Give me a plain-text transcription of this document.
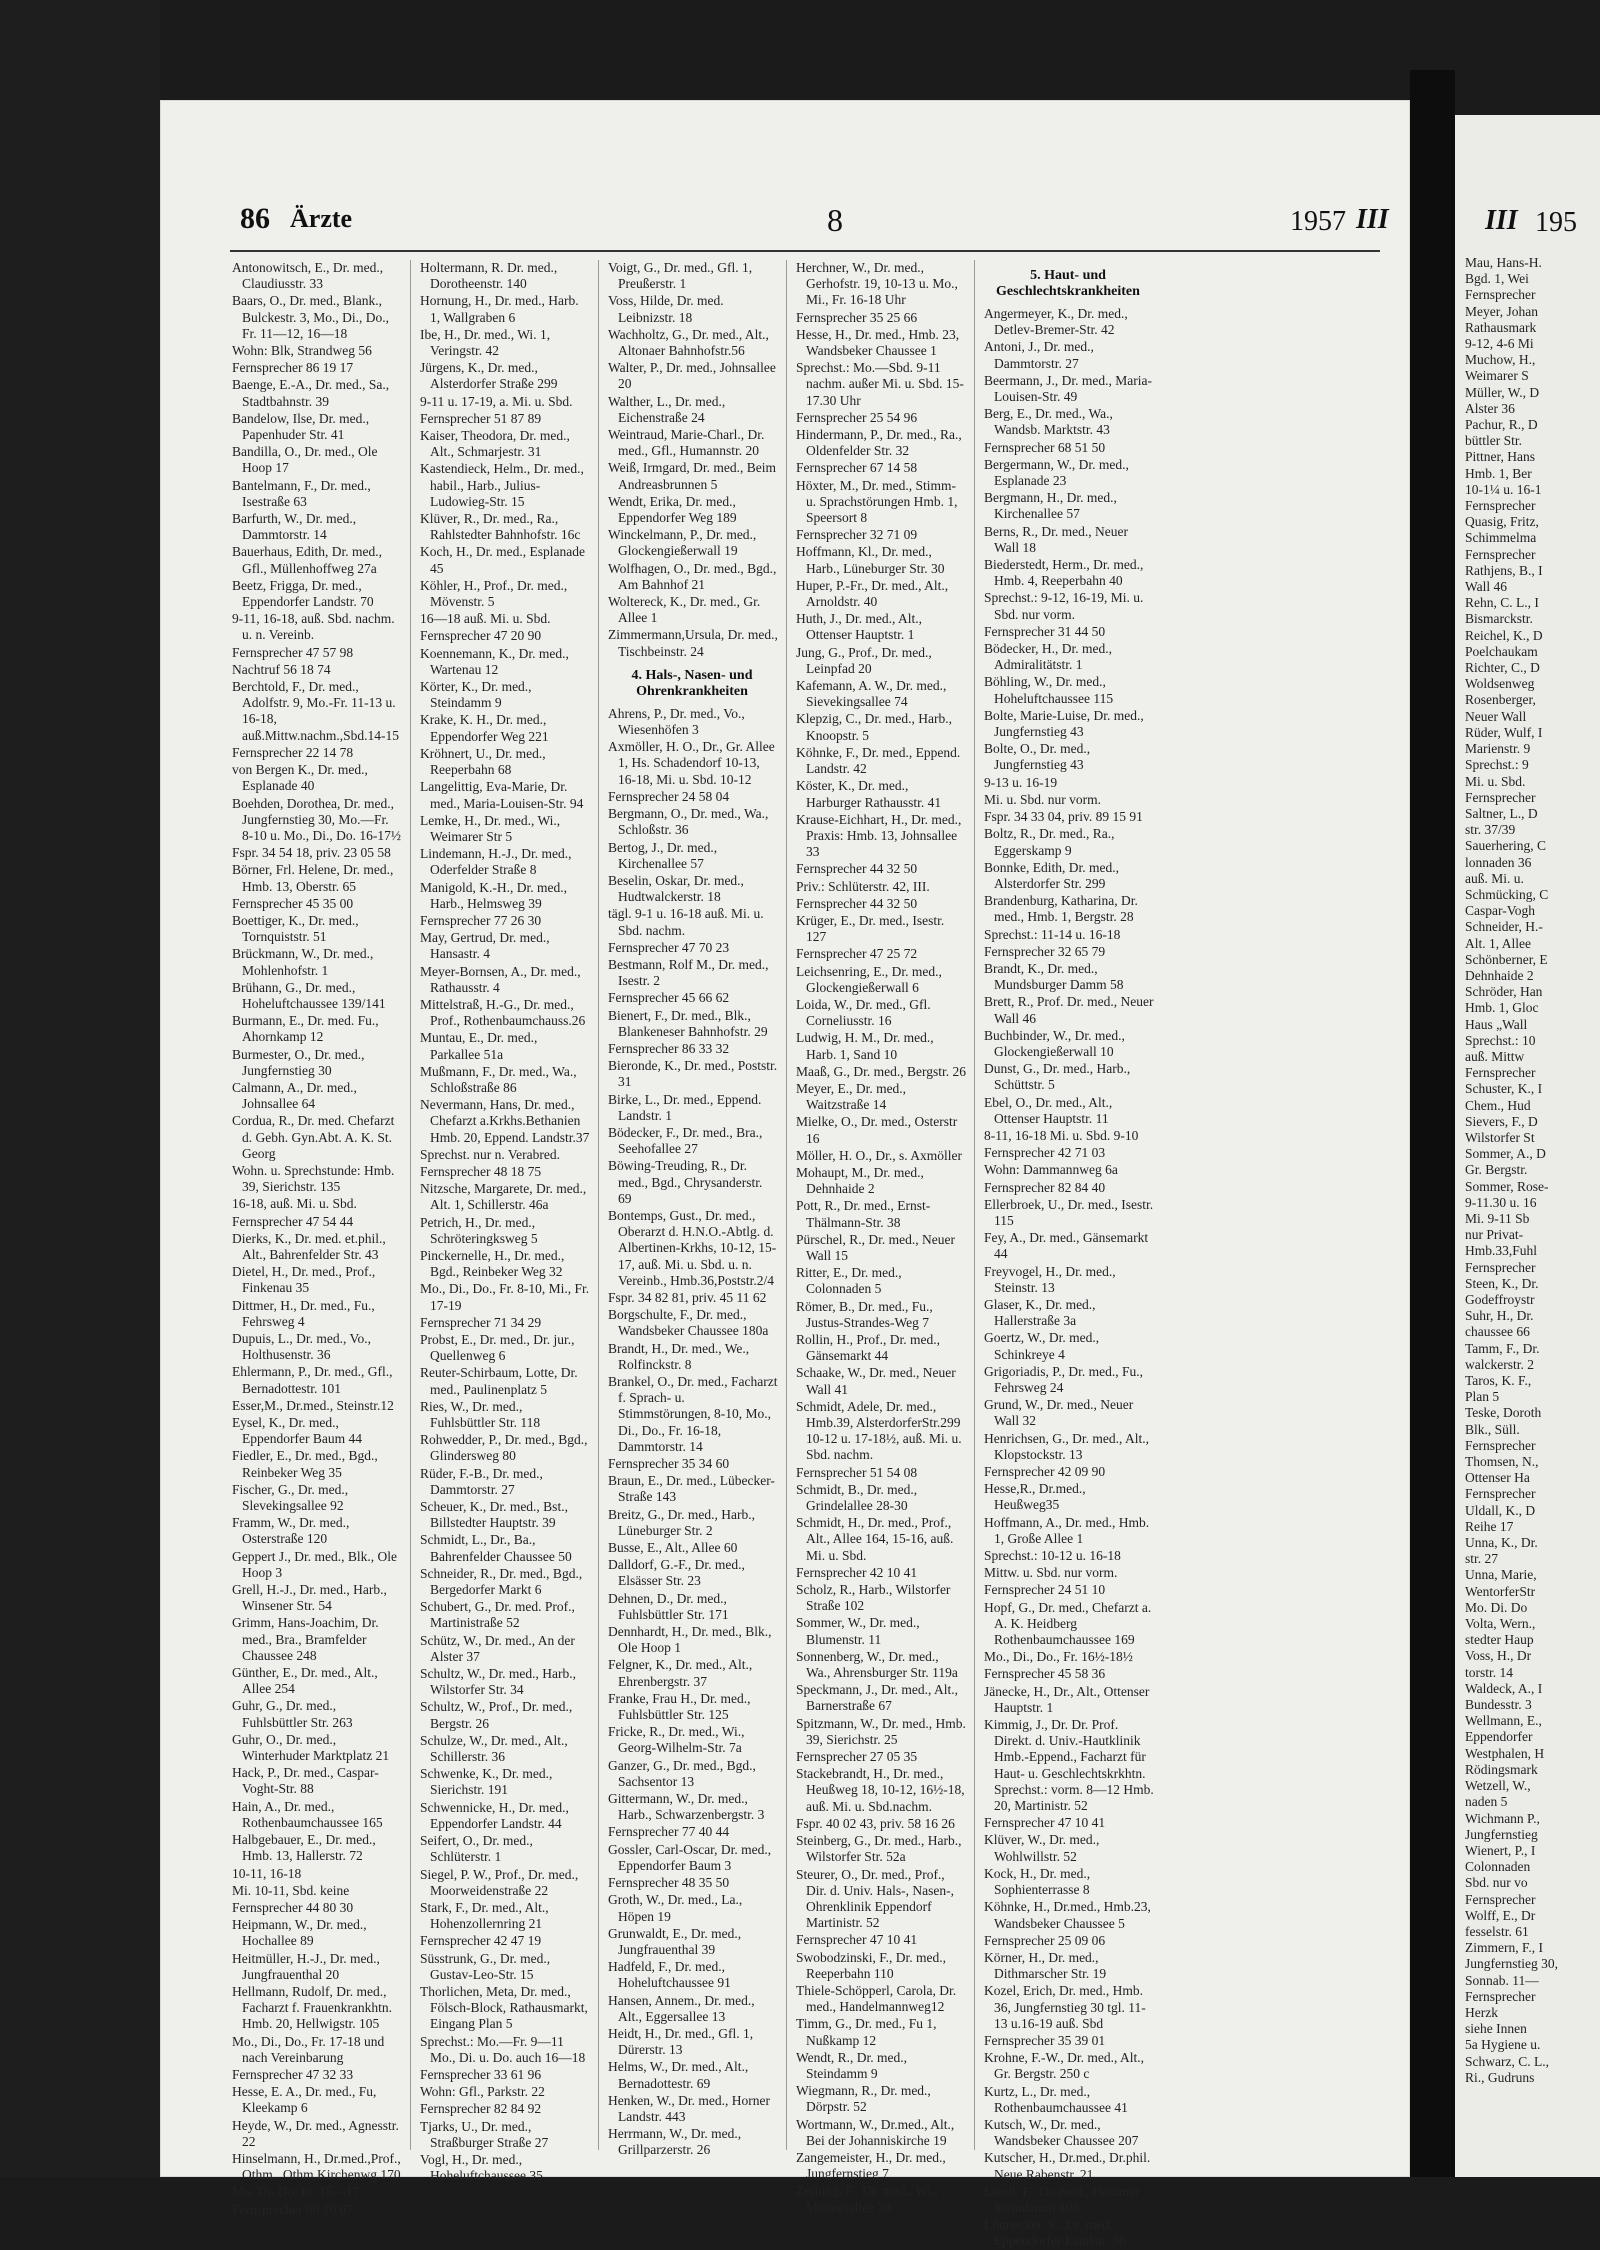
86 Ärzte	8	1957 III
Antonowitsch, E., Dr. med., Claudiusstr. 33
Baars, O., Dr. med., Blank., Bulckestr. 3, Mo., Di., Do., Fr. 11—12, 16—18
Wohn: Blk, Strandweg 56
Fernsprecher 86 19 17
Baenge, E.-A., Dr. med., Sa., Stadtbahnstr. 39
Bandelow, Ilse, Dr. med., Papenhuder Str. 41
Bandilla, O., Dr. med., Ole Hoop 17
Bantelmann, F., Dr. med., Isestraße 63
Barfurth, W., Dr. med., Dammtorstr. 14
Bauerhaus, Edith, Dr. med., Gfl., Müllenhoffweg 27a
Beetz, Frigga, Dr. med., Eppendorfer Landstr. 70
9-11, 16-18, auß. Sbd. nachm. u. n. Vereinb.
Fernsprecher 47 57 98
Nachtruf 56 18 74
Berchtold, F., Dr. med., Adolfstr. 9, Mo.-Fr. 11-13 u. 16-18, auß.Mittw.nachm.,Sbd.14-15
Fernsprecher 22 14 78
von Bergen K., Dr. med., Esplanade 40
Boehden, Dorothea, Dr. med., Jungfernstieg 30, Mo.—Fr. 8-10 u. Mo., Di., Do. 16-17½
Fspr. 34 54 18, priv. 23 05 58
Börner, Frl. Helene, Dr. med., Hmb. 13, Oberstr. 65
Fernsprecher 45 35 00
Boettiger, K., Dr. med., Tornquiststr. 51
Brückmann, W., Dr. med., Mohlenhofstr. 1
Brühann, G., Dr. med., Hoheluftchaussee 139/141
Burmann, E., Dr. med. Fu., Ahornkamp 12
Burmester, O., Dr. med., Jungfernstieg 30
Calmann, A., Dr. med., Johnsallee 64
Cordua, R., Dr. med. Chefarzt d. Gebh. Gyn.Abt. A. K. St. Georg
Wohn. u. Sprechstunde: Hmb. 39, Sierichstr. 135
16-18, auß. Mi. u. Sbd.
Fernsprecher 47 54 44
Dierks, K., Dr. med. et.phil., Alt., Bahrenfelder Str. 43
Dietel, H., Dr. med., Prof., Finkenau 35
Dittmer, H., Dr. med., Fu., Fehrsweg 4
Dupuis, L., Dr. med., Vo., Holthusenstr. 36
Ehlermann, P., Dr. med., Gfl., Bernadottestr. 101
Esser,M., Dr.med., Steinstr.12
Eysel, K., Dr. med., Eppendorfer Baum 44
Fiedler, E., Dr. med., Bgd., Reinbeker Weg 35
Fischer, G., Dr. med., Slevekingsallee 92
Framm, W., Dr. med., Osterstraße 120
Geppert J., Dr. med., Blk., Ole Hoop 3
Grell, H.-J., Dr. med., Harb., Winsener Str. 54
Grimm, Hans-Joachim, Dr. med., Bra., Bramfelder Chaussee 248
Günther, E., Dr. med., Alt., Allee 254
Guhr, G., Dr. med., Fuhlsbüttler Str. 263
Guhr, O., Dr. med., Winterhuder Marktplatz 21
Hack, P., Dr. med., Caspar-Voght-Str. 88
Hain, A., Dr. med., Rothenbaumchaussee 165
Halbgebauer, E., Dr. med., Hmb. 13, Hallerstr. 72
10-11, 16-18
Mi. 10-11, Sbd. keine
Fernsprecher 44 80 30
Heipmann, W., Dr. med., Hochallee 89
Heitmüller, H.-J., Dr. med., Jungfrauenthal 20
Hellmann, Rudolf, Dr. med., Facharzt f. Frauenkrankhtn. Hmb. 20, Hellwigstr. 105
Mo., Di., Do., Fr. 17-18 und nach Vereinbarung
Fernsprecher 47 32 33
Hesse, E. A., Dr. med., Fu, Kleekamp 6
Heyde, W., Dr. med., Agnesstr. 22
Hinselmann, H., Dr.med.,Prof., Othm., Othm.Kirchenwg.170
Mo. Di. Do. Fr. 15—17
Fernsprecher 89 10 07
Holtermann, R. Dr. med., Dorotheenstr. 140
Hornung, H., Dr. med., Harb. 1, Wallgraben 6
Ibe, H., Dr. med., Wi. 1, Veringstr. 42
Jürgens, K., Dr. med., Alsterdorfer Straße 299
9-11 u. 17-19, a. Mi. u. Sbd.
Fernsprecher 51 87 89
Kaiser, Theodora, Dr. med., Alt., Schmarjestr. 31
Kastendieck, Helm., Dr. med., habil., Harb., Julius-Ludowieg-Str. 15
Klüver, R., Dr. med., Ra., Rahlstedter Bahnhofstr. 16c
Koch, H., Dr. med., Esplanade 45
Köhler, H., Prof., Dr. med., Mövenstr. 5
16—18 auß. Mi. u. Sbd.
Fernsprecher 47 20 90
Koennemann, K., Dr. med., Wartenau 12
Körter, K., Dr. med., Steindamm 9
Krake, K. H., Dr. med., Eppendorfer Weg 221
Kröhnert, U., Dr. med., Reeperbahn 68
Langelittig, Eva-Marie, Dr. med., Maria-Louisen-Str. 94
Lemke, H., Dr. med., Wi., Weimarer Str 5
Lindemann, H.-J., Dr. med., Oderfelder Straße 8
Manigold, K.-H., Dr. med., Harb., Helmsweg 39
Fernsprecher 77 26 30
May, Gertrud, Dr. med., Hansastr. 4
Meyer-Bornsen, A., Dr. med., Rathausstr. 4
Mittelstraß, H.-G., Dr. med., Prof., Rothenbaumchauss.26
Muntau, E., Dr. med., Parkallee 51a
Mußmann, F., Dr. med., Wa., Schloßstraße 86
Nevermann, Hans, Dr. med., Chefarzt a.Krkhs.Bethanien Hmb. 20, Eppend. Landstr.37
Sprechst. nur n. Verabred.
Fernsprecher 48 18 75
Nitzsche, Margarete, Dr. med., Alt. 1, Schillerstr. 46a
Petrich, H., Dr. med., Schröteringksweg 5
Pinckernelle, H., Dr. med., Bgd., Reinbeker Weg 32
Mo., Di., Do., Fr. 8-10, Mi., Fr. 17-19
Fernsprecher 71 34 29
Probst, E., Dr. med., Dr. jur., Quellenweg 6
Reuter-Schirbaum, Lotte, Dr. med., Paulinenplatz 5
Ries, W., Dr. med., Fuhlsbüttler Str. 118
Rohwedder, P., Dr. med., Bgd., Glindersweg 80
Rüder, F.-B., Dr. med., Dammtorstr. 27
Scheuer, K., Dr. med., Bst., Billstedter Hauptstr. 39
Schmidt, L., Dr., Ba., Bahrenfelder Chaussee 50
Schneider, R., Dr. med., Bgd., Bergedorfer Markt 6
Schubert, G., Dr. med. Prof., Martinistraße 52
Schütz, W., Dr. med., An der Alster 37
Schultz, W., Dr. med., Harb., Wilstorfer Str. 34
Schultz, W., Prof., Dr. med., Bergstr. 26
Schulze, W., Dr. med., Alt., Schillerstr. 36
Schwenke, K., Dr. med., Sierichstr. 191
Schwennicke, H., Dr. med., Eppendorfer Landstr. 44
Seifert, O., Dr. med., Schlüterstr. 1
Siegel, P. W., Prof., Dr. med., Moorweidenstraße 22
Stark, F., Dr. med., Alt., Hohenzollernring 21
Fernsprecher 42 47 19
Süsstrunk, G., Dr. med., Gustav-Leo-Str. 15
Thorlichen, Meta, Dr. med., Fölsch-Block, Rathausmarkt, Eingang Plan 5
Sprechst.: Mo.—Fr. 9—11 Mo., Di. u. Do. auch 16—18
Fernsprecher 33 61 96
Wohn: Gfl., Parkstr. 22
Fernsprecher 82 84 92
Tjarks, U., Dr. med., Straßburger Straße 27
Vogl, H., Dr. med., Hoheluftchaussee 35
Voigt, G., Dr. med., Gfl. 1, Preußerstr. 1
Voss, Hilde, Dr. med. Leibnizstr. 18
Wachholtz, G., Dr. med., Alt., Altonaer Bahnhofstr.56
Walter, P., Dr. med., Johnsallee 20
Walther, L., Dr. med., Eichenstraße 24
Weintraud, Marie-Charl., Dr. med., Gfl., Humannstr. 20
Weiß, Irmgard, Dr. med., Beim Andreasbrunnen 5
Wendt, Erika, Dr. med., Eppendorfer Weg 189
Winckelmann, P., Dr. med., Glockengießerwall 19
Wolfhagen, O., Dr. med., Bgd., Am Bahnhof 21
Woltereck, K., Dr. med., Gr. Allee 1
Zimmermann,Ursula, Dr. med., Tischbeinstr. 24
4. Hals-, Nasen- und Ohrenkrankheiten
Ahrens, P., Dr. med., Vo., Wiesenhöfen 3
Axmöller, H. O., Dr., Gr. Allee 1, Hs. Schadendorf 10-13, 16-18, Mi. u. Sbd. 10-12
Fernsprecher 24 58 04
Bergmann, O., Dr. med., Wa., Schloßstr. 36
Bertog, J., Dr. med., Kirchenallee 57
Beselin, Oskar, Dr. med., Hudtwalckerstr. 18
tägl. 9-1 u. 16-18 auß. Mi. u. Sbd. nachm.
Fernsprecher 47 70 23
Bestmann, Rolf M., Dr. med., Isestr. 2
Fernsprecher 45 66 62
Bienert, F., Dr. med., Blk., Blankeneser Bahnhofstr. 29
Fernsprecher 86 33 32
Bieronde, K., Dr. med., Poststr. 31
Birke, L., Dr. med., Eppend. Landstr. 1
Bödecker, F., Dr. med., Bra., Seehofallee 27
Böwing-Treuding, R., Dr. med., Bgd., Chrysanderstr. 69
Bontemps, Gust., Dr. med., Oberarzt d. H.N.O.-Abtlg. d. Albertinen-Krkhs, 10-12, 15-17, auß. Mi. u. Sbd. u. n. Vereinb., Hmb.36,Poststr.2/4
Fspr. 34 82 81, priv. 45 11 62
Borgschulte, F., Dr. med., Wandsbeker Chaussee 180a
Brandt, H., Dr. med., We., Rolfinckstr. 8
Brankel, O., Dr. med., Facharzt f. Sprach- u. Stimmstörungen, 8-10, Mo., Di., Do., Fr. 16-18, Dammtorstr. 14
Fernsprecher 35 34 60
Braun, E., Dr. med., Lübecker-Straße 143
Breitz, G., Dr. med., Harb., Lüneburger Str. 2
Busse, E., Alt., Allee 60
Dalldorf, G.-F., Dr. med., Elsässer Str. 23
Dehnen, D., Dr. med., Fuhlsbüttler Str. 171
Dennhardt, H., Dr. med., Blk., Ole Hoop 1
Felgner, K., Dr. med., Alt., Ehrenbergstr. 37
Franke, Frau H., Dr. med., Fuhlsbüttler Str. 125
Fricke, R., Dr. med., Wi., Georg-Wilhelm-Str. 7a
Ganzer, G., Dr. med., Bgd., Sachsentor 13
Gittermann, W., Dr. med., Harb., Schwarzenbergstr. 3
Fernsprecher 77 40 44
Gossler, Carl-Oscar, Dr. med., Eppendorfer Baum 3
Fernsprecher 48 35 50
Groth, W., Dr. med., La., Höpen 19
Grunwaldt, E., Dr. med., Jungfrauenthal 39
Hadfeld, F., Dr. med., Hoheluftchaussee 91
Hansen, Annem., Dr. med., Alt., Eggersallee 13
Heidt, H., Dr. med., Gfl. 1, Dürerstr. 13
Helms, W., Dr. med., Alt., Bernadottestr. 69
Henken, W., Dr. med., Horner Landstr. 443
Herrmann, W., Dr. med., Grillparzerstr. 26
Herchner, W., Dr. med., Gerhofstr. 19, 10-13 u. Mo., Mi., Fr. 16-18 Uhr
Fernsprecher 35 25 66
Hesse, H., Dr. med., Hmb. 23, Wandsbeker Chaussee 1
Sprechst.: Mo.—Sbd. 9-11 nachm. außer Mi. u. Sbd. 15-17.30 Uhr
Fernsprecher 25 54 96
Hindermann, P., Dr. med., Ra., Oldenfelder Str. 32
Fernsprecher 67 14 58
Höxter, M., Dr. med., Stimm- u. Sprachstörungen Hmb. 1, Speersort 8
Fernsprecher 32 71 09
Hoffmann, Kl., Dr. med., Harb., Lüneburger Str. 30
Huper, P.-Fr., Dr. med., Alt., Arnoldstr. 40
Huth, J., Dr. med., Alt., Ottenser Hauptstr. 1
Jung, G., Prof., Dr. med., Leinpfad 20
Kafemann, A. W., Dr. med., Sievekingsallee 74
Klepzig, C., Dr. med., Harb., Knoopstr. 5
Köhnke, F., Dr. med., Eppend. Landstr. 42
Köster, K., Dr. med., Harburger Rathausstr. 41
Krause-Eichhart, H., Dr. med., Praxis: Hmb. 13, Johnsallee 33
Fernsprecher 44 32 50
Priv.: Schlüterstr. 42, III.
Fernsprecher 44 32 50
Krüger, E., Dr. med., Isestr. 127
Fernsprecher 47 25 72
Leichsenring, E., Dr. med., Glockengießerwall 6
Loida, W., Dr. med., Gfl. Corneliusstr. 16
Ludwig, H. M., Dr. med., Harb. 1, Sand 10
Maaß, G., Dr. med., Bergstr. 26
Meyer, E., Dr. med., Waitzstraße 14
Mielke, O., Dr. med., Osterstr 16
Möller, H. O., Dr., s. Axmöller
Mohaupt, M., Dr. med., Dehnhaide 2
Pott, R., Dr. med., Ernst-Thälmann-Str. 38
Pürschel, R., Dr. med., Neuer Wall 15
Ritter, E., Dr. med., Colonnaden 5
Römer, B., Dr. med., Fu., Justus-Strandes-Weg 7
Rollin, H., Prof., Dr. med., Gänsemarkt 44
Schaake, W., Dr. med., Neuer Wall 41
Schmidt, Adele, Dr. med., Hmb.39, AlsterdorferStr.299 10-12 u. 17-18½, auß. Mi. u. Sbd. nachm.
Fernsprecher 51 54 08
Schmidt, B., Dr. med., Grindelallee 28-30
Schmidt, H., Dr. med., Prof., Alt., Allee 164, 15-16, auß. Mi. u. Sbd.
Fernsprecher 42 10 41
Scholz, R., Harb., Wilstorfer Straße 102
Sommer, W., Dr. med., Blumenstr. 11
Sonnenberg, W., Dr. med., Wa., Ahrensburger Str. 119a
Speckmann, J., Dr. med., Alt., Barnerstraße 67
Spitzmann, W., Dr. med., Hmb. 39, Sierichstr. 25
Fernsprecher 27 05 35
Stackebrandt, H., Dr. med., Heußweg 18, 10-12, 16½-18, auß. Mi. u. Sbd.nachm.
Fspr. 40 02 43, priv. 58 16 26
Steinberg, G., Dr. med., Harb., Wilstorfer Str. 52a
Steurer, O., Dr. med., Prof., Dir. d. Univ. Hals-, Nasen-, Ohrenklinik Eppendorf Martinistr. 52
Fernsprecher 47 10 41
Swobodzinski, F., Dr. med., Reeperbahn 110
Thiele-Schöpperl, Carola, Dr. med., Handelmannweg12
Timm, G., Dr. med., Fu 1, Nußkamp 12
Wendt, R., Dr. med., Steindamm 9
Wiegmann, R., Dr. med., Dörpstr. 52
Wortmann, W., Dr.med., Alt., Bei der Johanniskirche 19
Zangemeister, H., Dr. med., Jungfernstieg 7
Zerning, F., Dr. med., Wi., Mannesallee 33
5. Haut- und Geschlechtskrankheiten
Angermeyer, K., Dr. med., Detlev-Bremer-Str. 42
Antoni, J., Dr. med., Dammtorstr. 27
Beermann, J., Dr. med., Maria-Louisen-Str. 49
Berg, E., Dr. med., Wa., Wandsb. Marktstr. 43
Fernsprecher 68 51 50
Bergermann, W., Dr. med., Esplanade 23
Bergmann, H., Dr. med., Kirchenallee 57
Berns, R., Dr. med., Neuer Wall 18
Biederstedt, Herm., Dr. med., Hmb. 4, Reeperbahn 40
Sprechst.: 9-12, 16-19, Mi. u. Sbd. nur vorm.
Fernsprecher 31 44 50
Bödecker, H., Dr. med., Admiralitätstr. 1
Böhling, W., Dr. med., Hoheluftchaussee 115
Bolte, Marie-Luise, Dr. med., Jungfernstieg 43
Bolte, O., Dr. med., Jungfernstieg 43
9-13 u. 16-19
Mi. u. Sbd. nur vorm.
Fspr. 34 33 04, priv. 89 15 91
Boltz, R., Dr. med., Ra., Eggerskamp 9
Bonnke, Edith, Dr. med., Alsterdorfer Str. 299
Brandenburg, Katharina, Dr. med., Hmb. 1, Bergstr. 28
Sprechst.: 11-14 u. 16-18
Fernsprecher 32 65 79
Brandt, K., Dr. med., Mundsburger Damm 58
Brett, R., Prof. Dr. med., Neuer Wall 46
Buchbinder, W., Dr. med., Glockengießerwall 10
Dunst, G., Dr. med., Harb., Schüttstr. 5
Ebel, O., Dr. med., Alt., Ottenser Hauptstr. 11
8-11, 16-18 Mi. u. Sbd. 9-10
Fernsprecher 42 71 03
Wohn: Dammannweg 6a
Fernsprecher 82 84 40
Ellerbroek, U., Dr. med., Isestr. 115
Fey, A., Dr. med., Gänsemarkt 44
Freyvogel, H., Dr. med., Steinstr. 13
Glaser, K., Dr. med., Hallerstraße 3a
Goertz, W., Dr. med., Schinkreye 4
Grigoriadis, P., Dr. med., Fu., Fehrsweg 24
Grund, W., Dr. med., Neuer Wall 32
Henrichsen, G., Dr. med., Alt., Klopstockstr. 13
Fernsprecher 42 09 90
Hesse,R., Dr.med., Heußweg35
Hoffmann, A., Dr. med., Hmb. 1, Große Allee 1
Sprechst.: 10-12 u. 16-18
Mittw. u. Sbd. nur vorm.
Fernsprecher 24 51 10
Hopf, G., Dr. med., Chefarzt a. A. K. Heidberg Rothenbaumchaussee 169
Mo., Di., Do., Fr. 16½-18½
Fernsprecher 45 58 36
Jänecke, H., Dr., Alt., Ottenser Hauptstr. 1
Kimmig, J., Dr. Dr. Prof. Direkt. d. Univ.-Hautklinik Hmb.-Eppend., Facharzt für Haut- u. Geschlechtskrkhtn. Sprechst.: vorm. 8—12 Hmb. 20, Martinistr. 52
Fernsprecher 47 10 41
Klüver, W., Dr. med., Wohlwillstr. 52
Kock, H., Dr. med., Sophienterrasse 8
Köhnke, H., Dr.med., Hmb.23, Wandsbeker Chaussee 5
Fernsprecher 25 09 06
Körner, H., Dr. med., Dithmarscher Str. 19
Kozel, Erich, Dr. med., Hmb. 36, Jungfernstieg 30 tgl. 11-13 u.16-19 auß. Sbd
Fernsprecher 35 39 01
Krohne, F.-W., Dr. med., Alt., Gr. Bergstr. 250 c
Kurtz, L., Dr. med., Rothenbaumchaussee 41
Kutsch, W., Dr. med., Wandsbeker Chaussee 207
Kutscher, H., Dr.med., Dr.phil. Neue Rabenstr. 21
Landt, F., Dr. med., Hammer Steindamm 106
Lönnecker, S., Dr. med., Eppendorfer Landstr. 36
III 195
Mau, Hans-H.
Bgd. 1, Wei
Fernsprecher
Meyer, Johan
Rathausmark
9-12, 4-6 Mi
Muchow, H.,
Weimarer S
Müller, W., D
Alster 36
Pachur, R., D
büttler Str.
Pittner, Hans
Hmb. 1, Ber
10-1¼ u. 16-1
Fernsprecher
Quasig, Fritz,
Schimmelma
Fernsprecher
Rathjens, B., I
Wall 46
Rehn, C. L., I
Bismarckstr.
Reichel, K., D
Poelchaukam
Richter, C., D
Woldsenweg
Rosenberger,
Neuer Wall
Rüder, Wulf, I
Marienstr. 9
Sprechst.: 9
Mi. u. Sbd.
Fernsprecher
Saltner, L., D
str. 37/39
Sauerhering, C
lonnaden 36
auß. Mi. u.
Schmücking, C
Caspar-Vogh
Schneider, H.-
Alt. 1, Allee
Schönberner, E
Dehnhaide 2
Schröder, Han
Hmb. 1, Gloc
Haus „Wall
Sprechst.: 10
auß. Mittw
Fernsprecher
Schuster, K., I
Chem., Hud
Sievers, F., D
Wilstorfer St
Sommer, A., D
Gr. Bergstr.
Sommer, Rose-
9-11.30 u. 16
Mi. 9-11 Sb
nur Privat-
Hmb.33,Fuhl
Fernsprecher
Steen, K., Dr.
Godeffroystr
Suhr, H., Dr.
chaussee 66
Tamm, F., Dr.
walckerstr. 2
Taros, K. F.,
Plan 5
Teske, Doroth
Blk., Süll.
Fernsprecher
Thomsen, N.,
Ottenser Ha
Fernsprecher
Uldall, K., D
Reihe 17
Unna, K., Dr.
str. 27
Unna, Marie,
WentorferStr
Mo. Di. Do
Volta, Wern.,
stedter Haup
Voss, H., Dr
torstr. 14
Waldeck, A., I
Bundesstr. 3
Wellmann, E.,
Eppendorfer
Westphalen, H
Rödingsmark
Wetzell, W.,
naden 5
Wichmann P.,
Jungfernstieg
Wienert, P., I
Colonnaden
Sbd. nur vo
Fernsprecher
Wolff, E., Dr
fesselstr. 61
Zimmern, F., I
Jungfernstieg 30,
Sonnab. 11—
Fernsprecher
Herzk
siehe Innen
5a Hygiene u.
Schwarz, C. L.,
Ri., Gudruns
